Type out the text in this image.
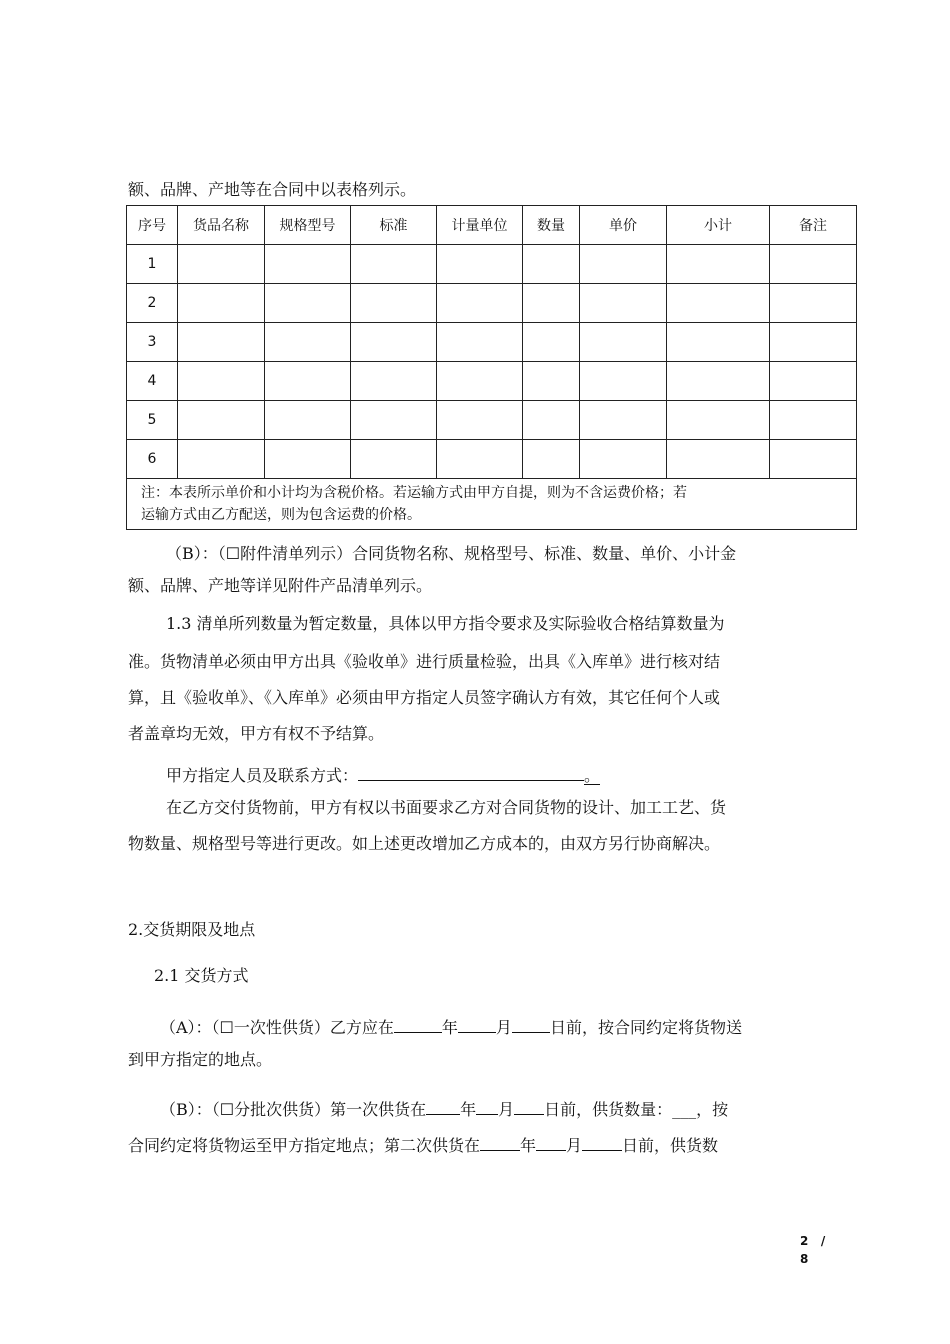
额、品牌、产地等在合同中以表格列示。
序号	货品名称	规格型号	标准	计量单位	数量	单价	小计	备注
1								
2								
3								
4								
5								
6								

注：本表所示单价和小计均为含税价格。若运输方式由甲方自提，则为不含运费价格；若
运输方式由乙方配送，则为包含运费的价格。								
（B）：（☐附件清单列示）合同货物名称、规格型号、标准、数量、单价、小计金
额、品牌、产地等详见附件产品清单列示。
1.3 清单所列数量为暂定数量，具体以甲方指令要求及实际验收合格结算数量为
准。货物清单必须由甲方出具《验收单》进行质量检验，出具《入库单》进行核对结
算，且《验收单》、《入库单》必须由甲方指定人员签字确认方有效，其它任何个人或
者盖章均无效，甲方有权不予结算。
甲方指定人员及联系方式：	。
在乙方交付货物前，甲方有权以书面要求乙方对合同货物的设计、加工工艺、货
物数量、规格型号等进行更改。如上述更改增加乙方成本的，由双方另行协商解决。
2.交货期限及地点
2.1 交货方式
（A）：（☐一次性供货）乙方应在	年 月 日前，按合同约定将货物送
到甲方指定的地点。
（B）：（☐分批次供货）第一次供货在 年 月 日前，供货数量：___，按
合同约定将货物运至甲方指定地点；第二次供货在	年 月	日前，供货数
2 /
8
